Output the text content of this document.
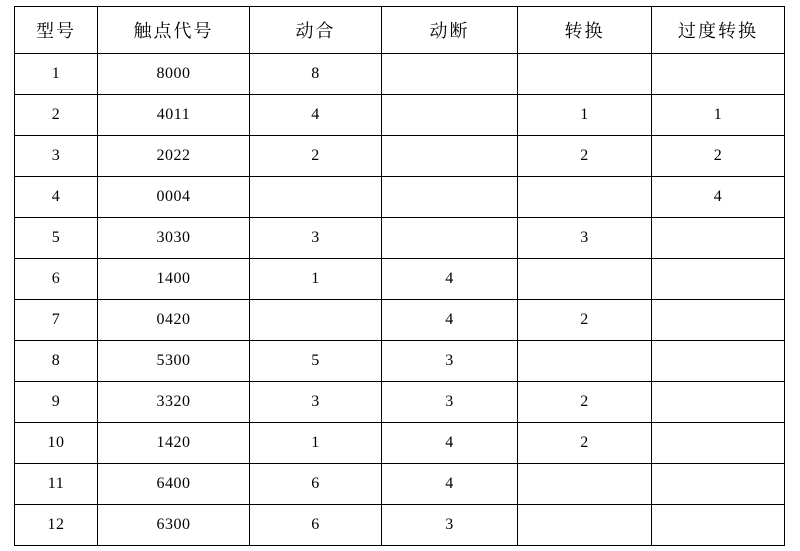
型号	触点代号	动合	动断	转换	过度转换
1	8000	8			
2	4011	4		1	1
3	2022	2		2	2
4	0004				4
5	3030	3		3	
6	1400	1	4		
7	0420		4	2	
8	5300	5	3		
9	3320	3	3	2	
10	1420	1	4	2	
11	6400	6	4		
12	6300	6	3		
